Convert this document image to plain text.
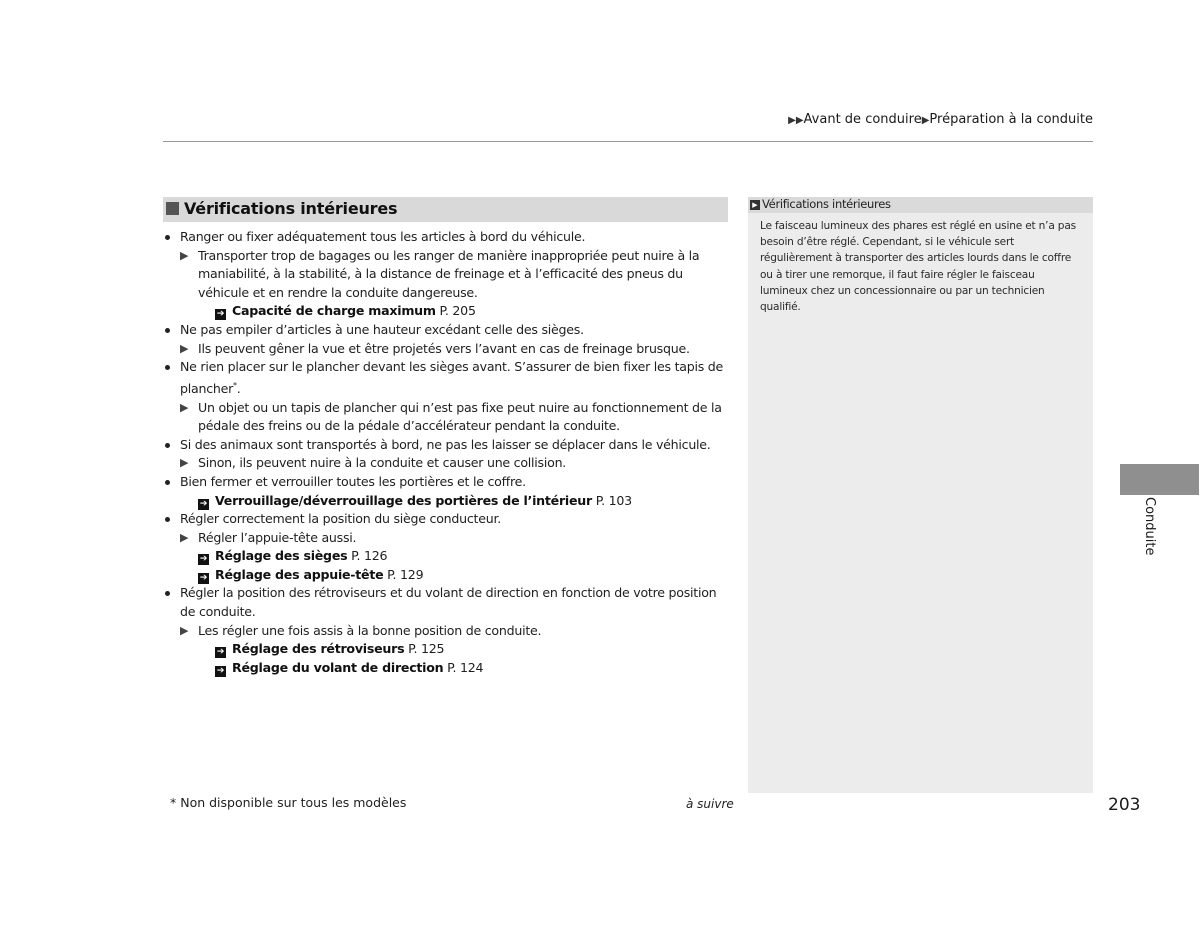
▶▶Avant de conduire▶Préparation à la conduite
Vérifications intérieures
Ranger ou fixer adéquatement tous les articles à bord du véhicule.
▶ Transporter trop de bagages ou les ranger de manière inappropriée peut nuire à la maniabilité, à la stabilité, à la distance de freinage et à l’efficacité des pneus du véhicule et en rendre la conduite dangereuse.
➔ Capacité de charge maximum P. 205
Ne pas empiler d’articles à une hauteur excédant celle des sièges.
▶ Ils peuvent gêner la vue et être projetés vers l’avant en cas de freinage brusque.
Ne rien placer sur le plancher devant les sièges avant. S’assurer de bien fixer les tapis de plancher*.
▶ Un objet ou un tapis de plancher qui n’est pas fixe peut nuire au fonctionnement de la pédale des freins ou de la pédale d’accélérateur pendant la conduite.
Si des animaux sont transportés à bord, ne pas les laisser se déplacer dans le véhicule.
▶ Sinon, ils peuvent nuire à la conduite et causer une collision.
Bien fermer et verrouiller toutes les portières et le coffre.
➔ Verrouillage/déverrouillage des portières de l’intérieur P. 103
Régler correctement la position du siège conducteur.
▶ Régler l’appuie-tête aussi.
➔ Réglage des sièges P. 126
➔ Réglage des appuie-tête P. 129
Régler la position des rétroviseurs et du volant de direction en fonction de votre position de conduite.
▶ Les régler une fois assis à la bonne position de conduite.
➔ Réglage des rétroviseurs P. 125
➔ Réglage du volant de direction P. 124
▶ Vérifications intérieures
Le faisceau lumineux des phares est réglé en usine et n’a pas besoin d’être réglé. Cependant, si le véhicule sert régulièrement à transporter des articles lourds dans le coffre ou à tirer une remorque, il faut faire régler le faisceau lumineux chez un concessionnaire ou par un technicien qualifié.
Conduite
* Non disponible sur tous les modèles	à suivre	203
